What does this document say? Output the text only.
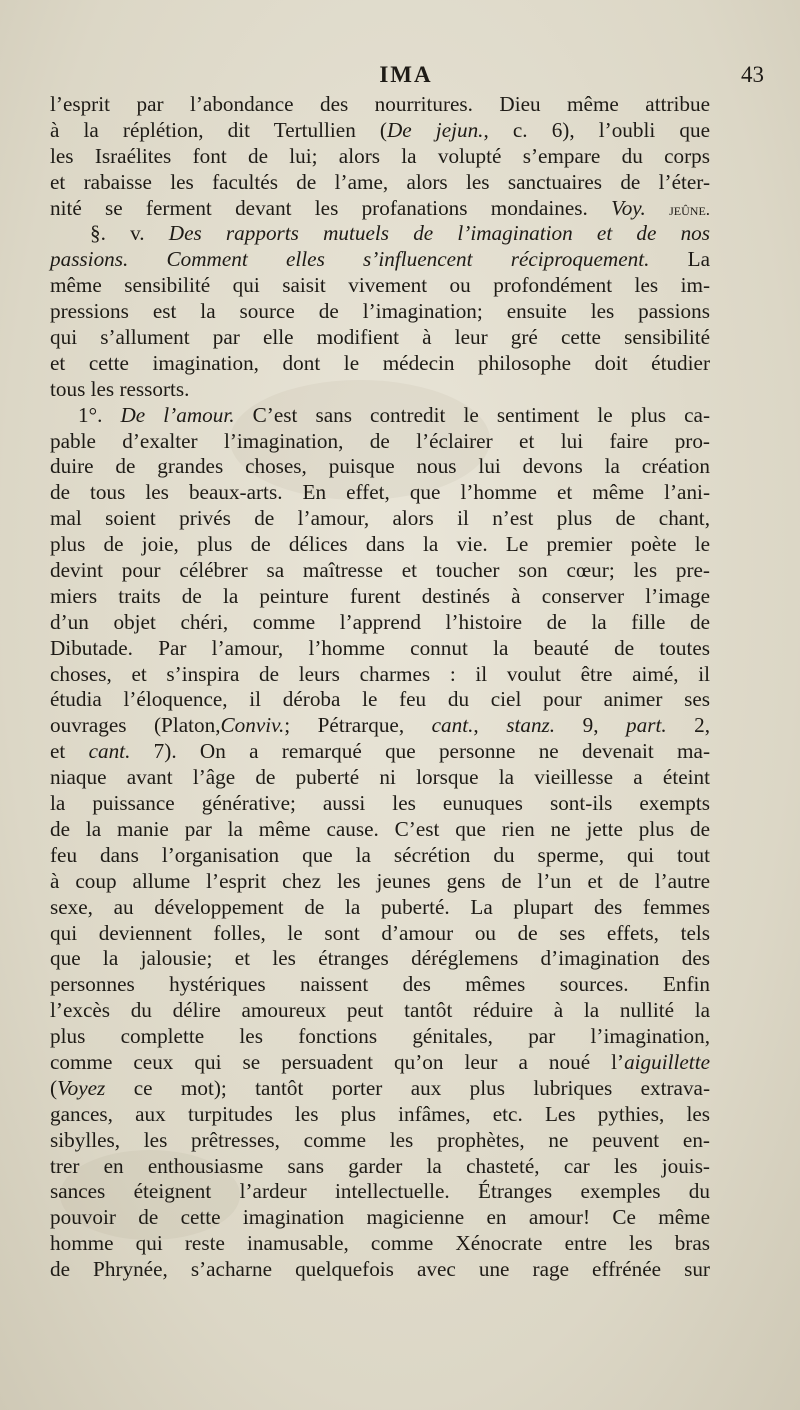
IMA	43
l’esprit par l’abondance des nourritures. Dieu même attribue
à la réplétion, dit Tertullien (De jejun., c. 6), l’oubli que
les Israélites font de lui; alors la volupté s’empare du corps
et rabaisse les facultés de l’ame, alors les sanctuaires de l’éter-
nité se ferment devant les profanations mondaines. Voy. jeûne.
§. v. Des rapports mutuels de l’imagination et de nos
passions. Comment elles s’influencent réciproquement. La
même sensibilité qui saisit vivement ou profondément les im-
pressions est la source de l’imagination; ensuite les passions
qui s’allument par elle modifient à leur gré cette sensibilité
et cette imagination, dont le médecin philosophe doit étudier
tous les ressorts.
1°. De l’amour. C’est sans contredit le sentiment le plus ca-
pable d’exalter l’imagination, de l’éclairer et lui faire pro-
duire de grandes choses, puisque nous lui devons la création
de tous les beaux-arts. En effet, que l’homme et même l’ani-
mal soient privés de l’amour, alors il n’est plus de chant,
plus de joie, plus de délices dans la vie. Le premier poète le
devint pour célébrer sa maîtresse et toucher son cœur; les pre-
miers traits de la peinture furent destinés à conserver l’image
d’un objet chéri, comme l’apprend l’histoire de la fille de
Dibutade. Par l’amour, l’homme connut la beauté de toutes
choses, et s’inspira de leurs charmes : il voulut être aimé, il
étudia l’éloquence, il déroba le feu du ciel pour animer ses
ouvrages (Platon,Conviv.; Pétrarque, cant., stanz. 9, part. 2,
et cant. 7). On a remarqué que personne ne devenait ma-
niaque avant l’âge de puberté ni lorsque la vieillesse a éteint
la puissance générative; aussi les eunuques sont-ils exempts
de la manie par la même cause. C’est que rien ne jette plus de
feu dans l’organisation que la sécrétion du sperme, qui tout
à coup allume l’esprit chez les jeunes gens de l’un et de l’autre
sexe, au développement de la puberté. La plupart des femmes
qui deviennent folles, le sont d’amour ou de ses effets, tels
que la jalousie; et les étranges déréglemens d’imagination des
personnes hystériques naissent des mêmes sources. Enfin
l’excès du délire amoureux peut tantôt réduire à la nullité la
plus complette les fonctions génitales, par l’imagination,
comme ceux qui se persuadent qu’on leur a noué l’aiguillette
(Voyez ce mot); tantôt porter aux plus lubriques extrava-
gances, aux turpitudes les plus infâmes, etc. Les pythies, les
sibylles, les prêtresses, comme les prophètes, ne peuvent en-
trer en enthousiasme sans garder la chasteté, car les jouis-
sances éteignent l’ardeur intellectuelle. Étranges exemples du
pouvoir de cette imagination magicienne en amour! Ce même
homme qui reste inamusable, comme Xénocrate entre les bras
de Phrynée, s’acharne quelquefois avec une rage effrénée sur
